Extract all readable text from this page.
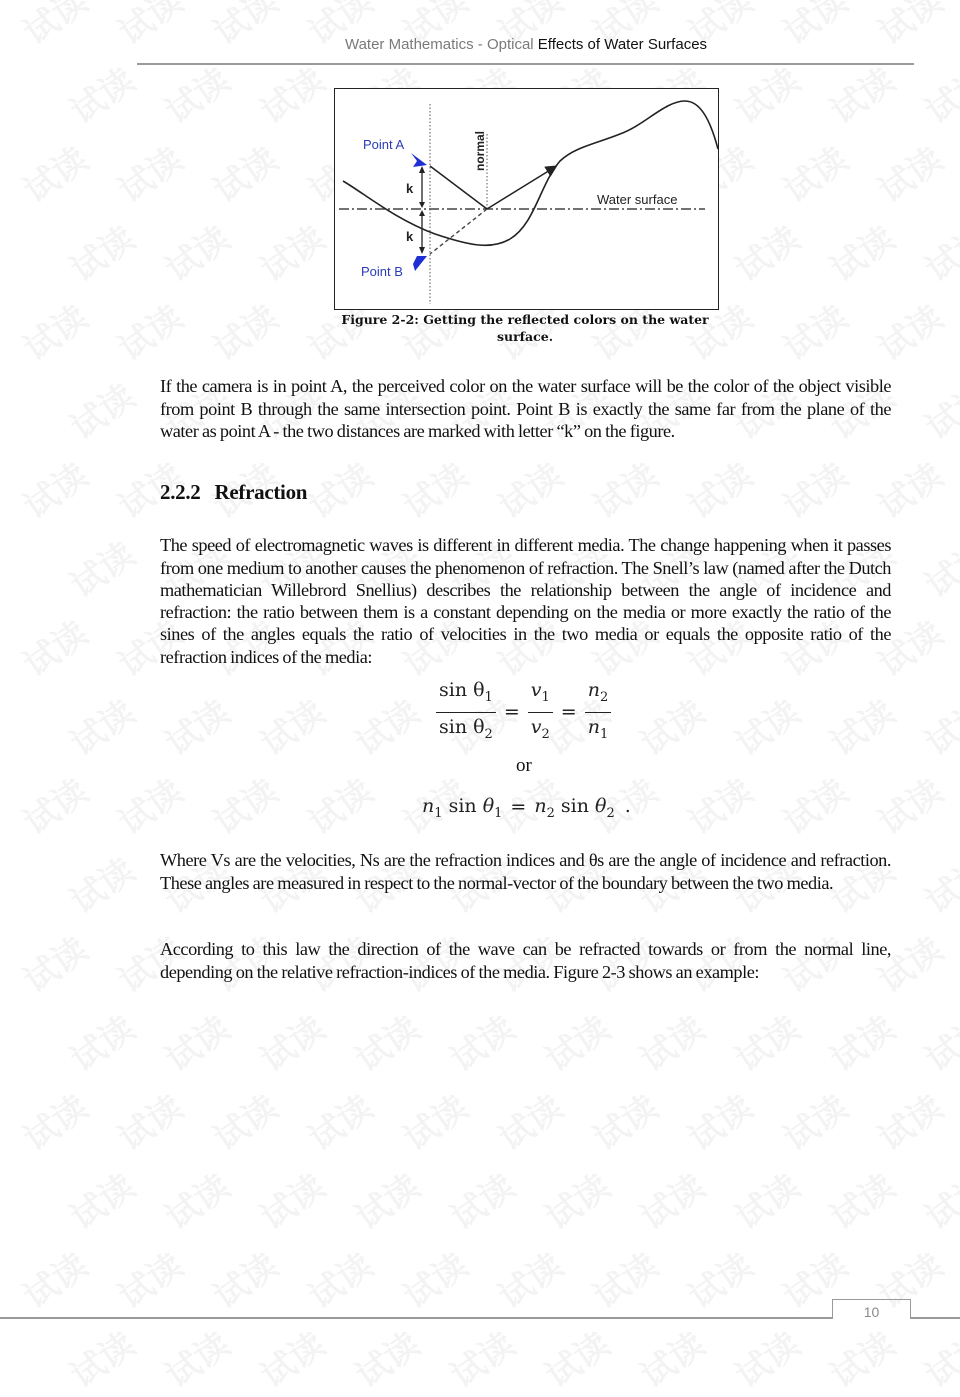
Water Mathematics - Optical Effects of Water Surfaces
Point A
Point B
k
k
normal
Water surface
Figure 2-2: Getting the reflected colors on the water
surface.

If the camera is in point A, the perceived color on the water surface will be the color of the object visible from point B through the same intersection point. Point B is exactly the same far from the plane of the water as point A - the two distances are marked with letter “k” on the figure.

2.2.2 Refraction

The speed of electromagnetic waves is different in different media. The change happening when it passes from one medium to another causes the phenomenon of refraction. The Snell’s law (named after the Dutch mathematician Willebrord Snellius) describes the relationship between the angle of incidence and refraction: the ratio between them is a constant depending on the media or more exactly the ratio of the sines of the angles equals the ratio of velocities in the two media or equals the opposite ratio of the refraction indices of the media:

$\frac{\sin \theta_1}{\sin \theta_2} = \frac{v_1}{v_2} = \frac{n_2}{n_1}$
or
$n_1$ $\sin \theta_1 = n_2$ $\sin \theta_2$ .

Where Vs are the velocities, Ns are the refraction indices and θs are the angle of incidence and refraction. These angles are measured in respect to the normal-vector of the boundary between the two media.

According to this law the direction of the wave can be refracted towards or from the normal line, depending on the relative refraction-indices of the media. Figure 2-3 shows an example:

10
